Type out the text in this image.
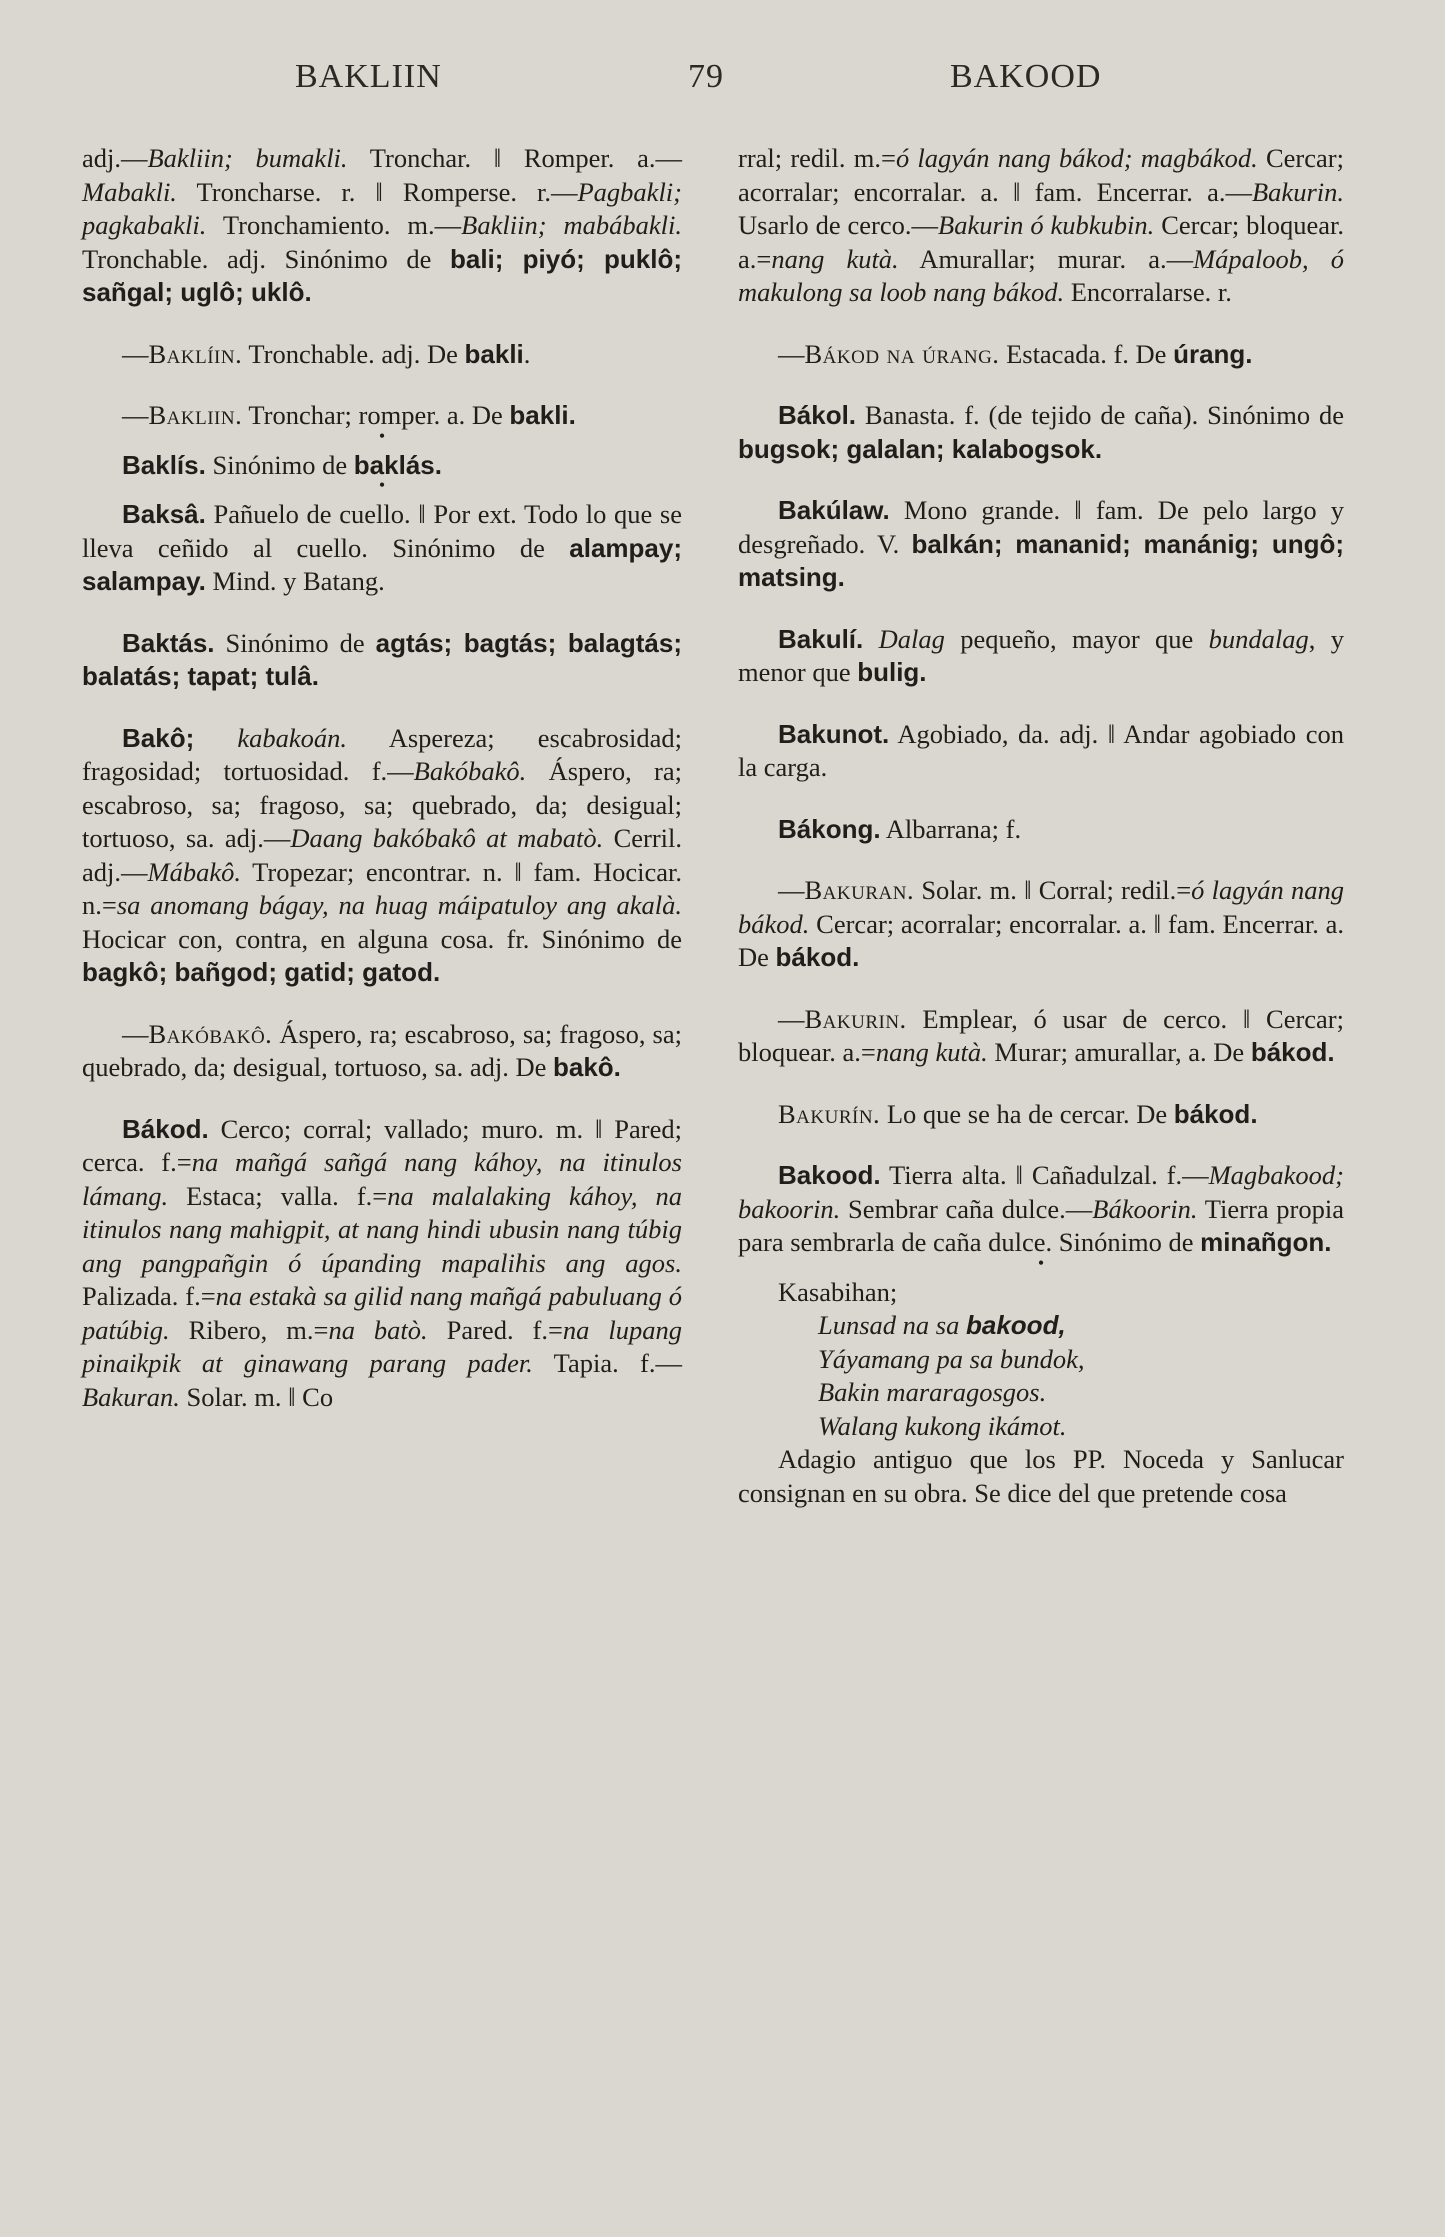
BAKLIIN	79	BAKOOD

adj.—Bakliin; bumakli. Tronchar. ‖ Romper. a.—Mabakli. Troncharse. r. ‖ Romperse. r.—Pagbakli; pagkabakli. Tronchamiento. m.—Bakliin; mabábakli. Tronchable. adj. Sinónimo de bali; piyó; puklô; sañgal; uglô; uklô.

—Baklíin. Tronchable. adj. De bakli.

—Bakliin. Tronchar; romper. a. De bakli.

•

Baklís. Sinónimo de baklás.

•

Baksâ. Pañuelo de cuello. ‖ Por ext. Todo lo que se lleva ceñido al cuello. Sinónimo de alampay; salampay. Mind. y Batang.

Baktás. Sinónimo de agtás; bagtás; balagtás; balatás; tapat; tulâ.

Bakô; kabakoán. Aspereza; escabrosidad; fragosidad; tortuosidad. f.—Bakóbakô. Áspero, ra; escabroso, sa; fragoso, sa; quebrado, da; desigual; tortuoso, sa. adj.—Daang bakóbakô at mabatò. Cerril. adj.—Mábakô. Tropezar; encontrar. n. ‖ fam. Hocicar. n.=sa anomang bágay, na huag máipatuloy ang akalà. Hocicar con, contra, en alguna cosa. fr. Sinónimo de bagkô; bañgod; gatid; gatod.

—Bakóbakô. Áspero, ra; escabroso, sa; fragoso, sa; quebrado, da; desigual, tortuoso, sa. adj. De bakô.

Bákod. Cerco; corral; vallado; muro. m. ‖ Pared; cerca. f.=na mañgá sañgá nang káhoy, na itinulos lámang. Estaca; valla. f.=na malalaking káhoy, na itinulos nang mahigpit, at nang hindi ubusin nang túbig ang pangpañgin ó úpanding mapalihis ang agos. Palizada. f.=na estakà sa gilid nang mañgá pabuluang ó patúbig. Ribero, m.=na batò. Pared. f.=na lupang pinaikpik at ginawang parang pader. Tapia. f.—Bakuran. Solar. m. ‖ Co

rral; redil. m.=ó lagyán nang bákod; magbákod. Cercar; acorralar; encorralar. a. ‖ fam. Encerrar. a.—Bakurin. Usarlo de cerco.—Bakurin ó kubkubin. Cercar; bloquear. a.=nang kutà. Amurallar; murar. a.—Mápaloob, ó makulong sa loob nang bákod. Encorralarse. r.

—Bákod na úrang. Estacada. f. De úrang.

Bákol. Banasta. f. (de tejido de caña). Sinónimo de bugsok; galalan; kalabogsok.

Bakúlaw. Mono grande. ‖ fam. De pelo largo y desgreñado. V. balkán; mananid; manánig; ungô; matsing.

Bakulí. Dalag pequeño, mayor que bundalag, y menor que bulig.

Bakunot. Agobiado, da. adj. ‖ Andar agobiado con la carga.

Bákong. Albarrana; f.

—Bakuran. Solar. m. ‖ Corral; redil.=ó lagyán nang bákod. Cercar; acorralar; encorralar. a. ‖ fam. Encerrar. a. De bákod.

—Bakurin. Emplear, ó usar de cerco. ‖ Cercar; bloquear. a.=nang kutà. Murar; amurallar, a. De bákod.

Bakurín. Lo que se ha de cercar. De bákod.

Bakood. Tierra alta. ‖ Cañadulzal. f.—Magbakood; bakoorin. Sembrar caña dulce.—Bákoorin. Tierra propia para sembrarla de caña dulce. Sinónimo de minañgon.

•
Kasabihan;
Lunsad na sa bakood,
Yáyamang pa sa bundok,
Bakin mararagosgos.
Walang kukong ikámot.

Adagio antiguo que los PP. Noceda y Sanlucar consignan en su obra. Se dice del que pretende cosa
